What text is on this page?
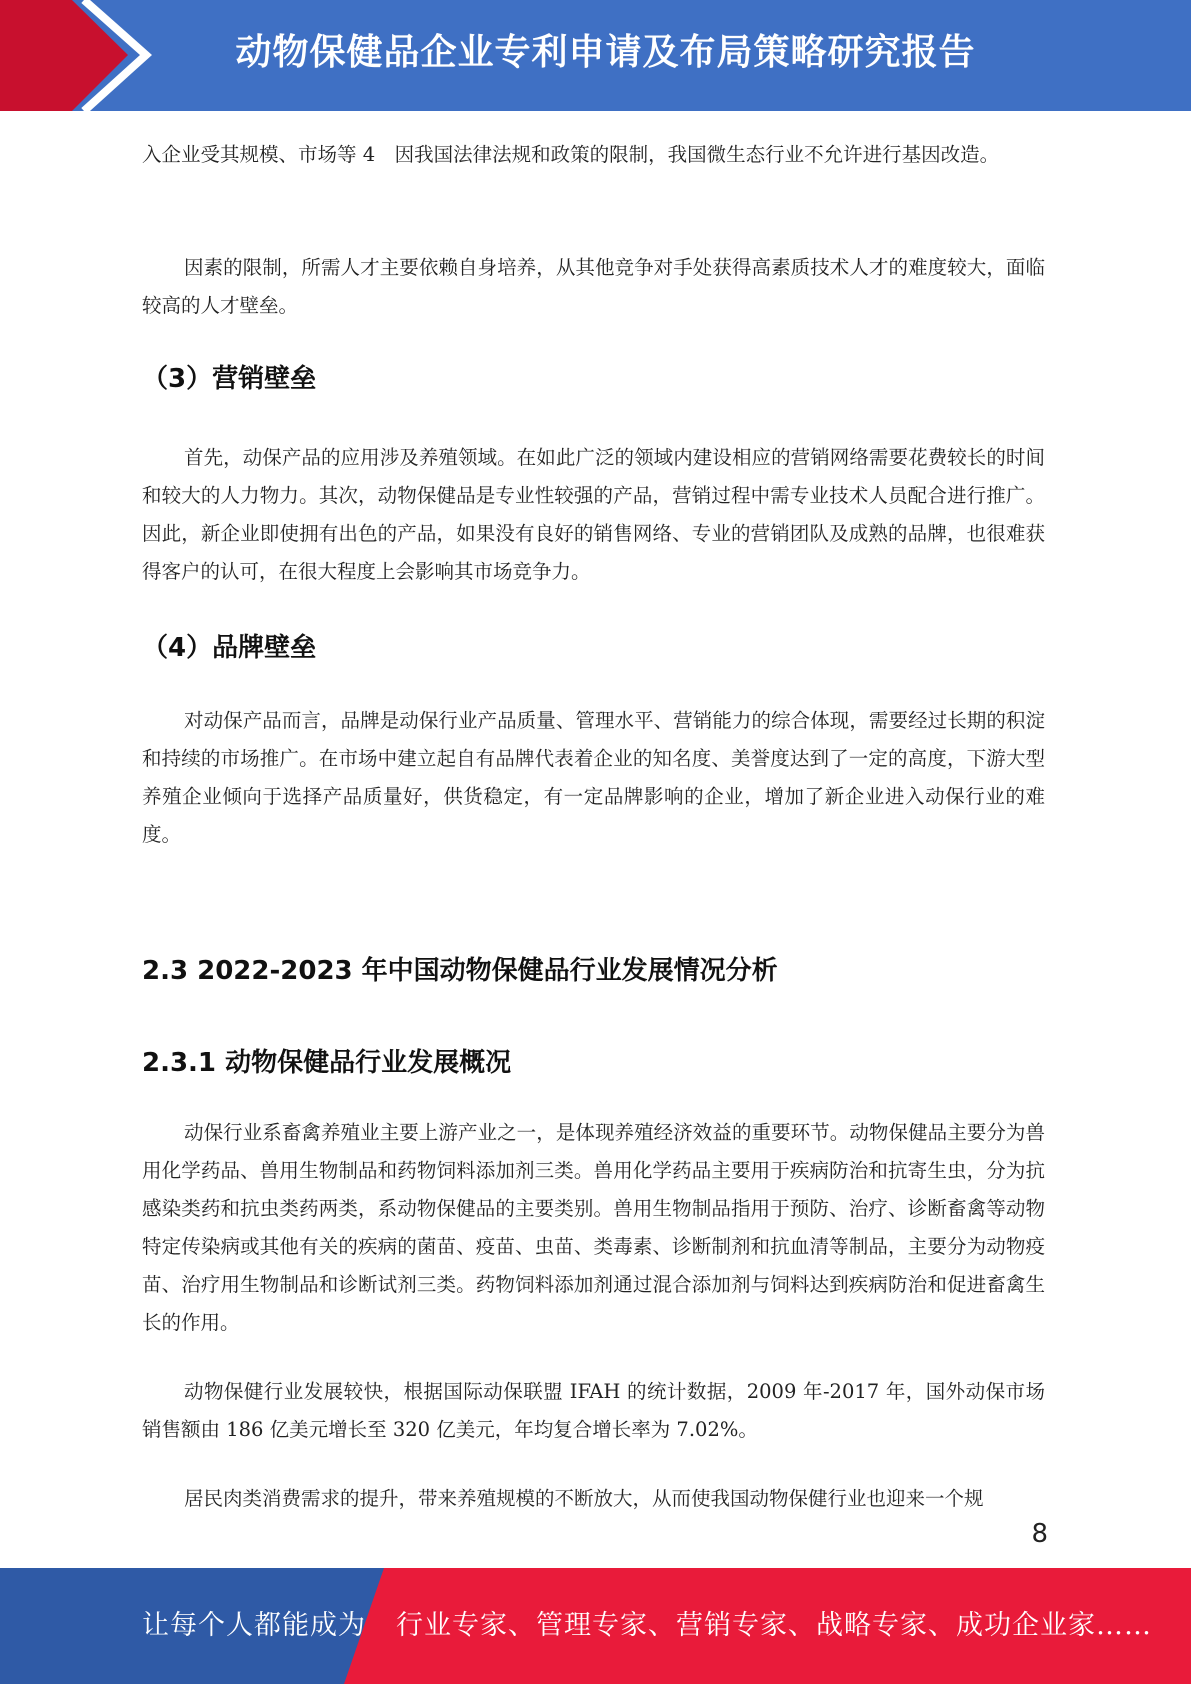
动物保健品企业专利申请及布局策略研究报告

入企业受其规模、市场等 4　因我国法律法规和政策的限制，我国微生态行业不允许进行基因改造。

因素的限制，所需人才主要依赖自身培养，从其他竞争对手处获得高素质技术人才的难度较大，面临较高的人才壁垒。

（3）营销壁垒

首先，动保产品的应用涉及养殖领域。在如此广泛的领域内建设相应的营销网络需要花费较长的时间和较大的人力物力。其次，动物保健品是专业性较强的产品，营销过程中需专业技术人员配合进行推广。因此，新企业即使拥有出色的产品，如果没有良好的销售网络、专业的营销团队及成熟的品牌，也很难获得客户的认可，在很大程度上会影响其市场竞争力。

（4）品牌壁垒

对动保产品而言，品牌是动保行业产品质量、管理水平、营销能力的综合体现，需要经过长期的积淀和持续的市场推广。在市场中建立起自有品牌代表着企业的知名度、美誉度达到了一定的高度，下游大型养殖企业倾向于选择产品质量好，供货稳定，有一定品牌影响的企业，增加了新企业进入动保行业的难度。

2.3 2022-2023 年中国动物保健品行业发展情况分析
2.3.1 动物保健品行业发展概况

动保行业系畜禽养殖业主要上游产业之一，是体现养殖经济效益的重要环节。动物保健品主要分为兽用化学药品、兽用生物制品和药物饲料添加剂三类。兽用化学药品主要用于疾病防治和抗寄生虫，分为抗感染类药和抗虫类药两类，系动物保健品的主要类别。兽用生物制品指用于预防、治疗、诊断畜禽等动物特定传染病或其他有关的疾病的菌苗、疫苗、虫苗、类毒素、诊断制剂和抗血清等制品，主要分为动物疫苗、治疗用生物制品和诊断试剂三类。药物饲料添加剂通过混合添加剂与饲料达到疾病防治和促进畜禽生长的作用。

动物保健行业发展较快，根据国际动保联盟 IFAH 的统计数据，2009 年-2017 年，国外动保市场销售额由 186 亿美元增长至 320 亿美元，年均复合增长率为 7.02%。

居民肉类消费需求的提升，带来养殖规模的不断放大，从而使我国动物保健行业也迎来一个规

8
让每个人都能成为 行业专家、管理专家、营销专家、战略专家、成功企业家……
